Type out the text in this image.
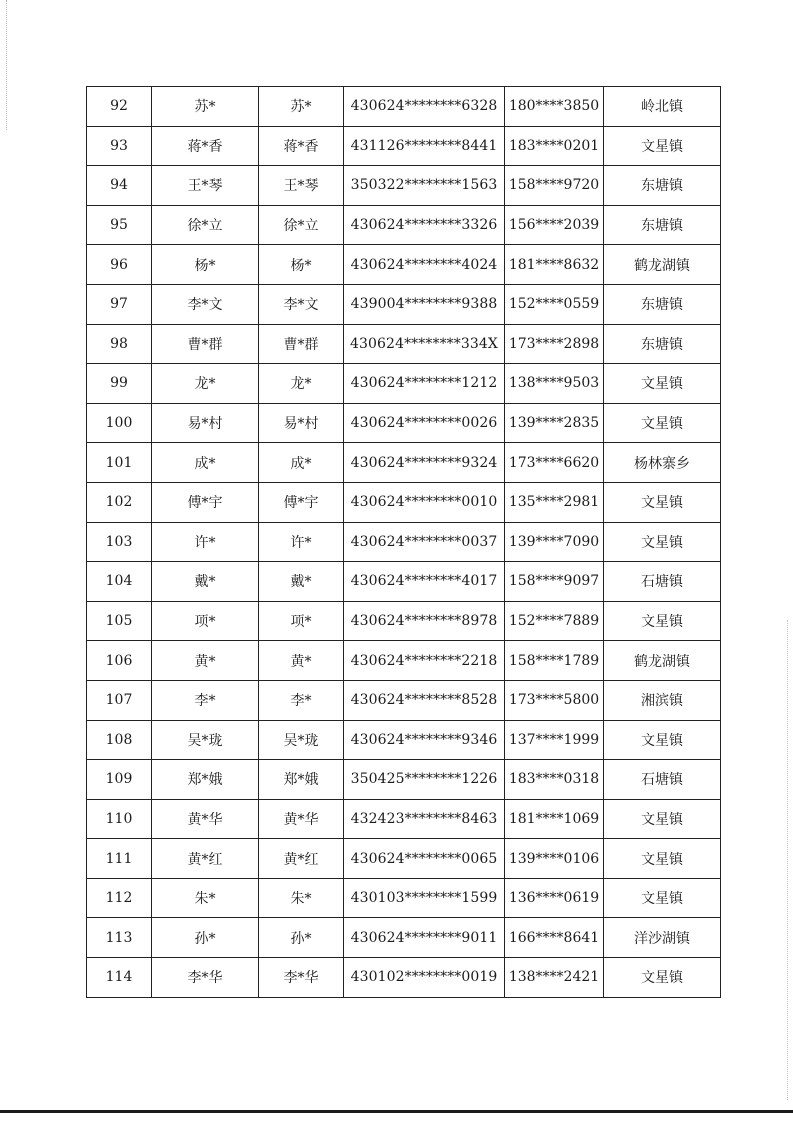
92	苏*	苏*	430624********6328	180****3850	岭北镇
93	蒋*香	蒋*香	431126********8441	183****0201	文星镇
94	王*琴	王*琴	350322********1563	158****9720	东塘镇
95	徐*立	徐*立	430624********3326	156****2039	东塘镇
96	杨*	杨*	430624********4024	181****8632	鹤龙湖镇
97	李*文	李*文	439004********9388	152****0559	东塘镇
98	曹*群	曹*群	430624********334X	173****2898	东塘镇
99	龙*	龙*	430624********1212	138****9503	文星镇
100	易*村	易*村	430624********0026	139****2835	文星镇
101	成*	成*	430624********9324	173****6620	杨林寨乡
102	傅*宇	傅*宇	430624********0010	135****2981	文星镇
103	许*	许*	430624********0037	139****7090	文星镇
104	戴*	戴*	430624********4017	158****9097	石塘镇
105	项*	项*	430624********8978	152****7889	文星镇
106	黄*	黄*	430624********2218	158****1789	鹤龙湖镇
107	李*	李*	430624********8528	173****5800	湘滨镇
108	吴*珑	吴*珑	430624********9346	137****1999	文星镇
109	郑*娥	郑*娥	350425********1226	183****0318	石塘镇
110	黄*华	黄*华	432423********8463	181****1069	文星镇
111	黄*红	黄*红	430624********0065	139****0106	文星镇
112	朱*	朱*	430103********1599	136****0619	文星镇
113	孙*	孙*	430624********9011	166****8641	洋沙湖镇
114	李*华	李*华	430102********0019	138****2421	文星镇
